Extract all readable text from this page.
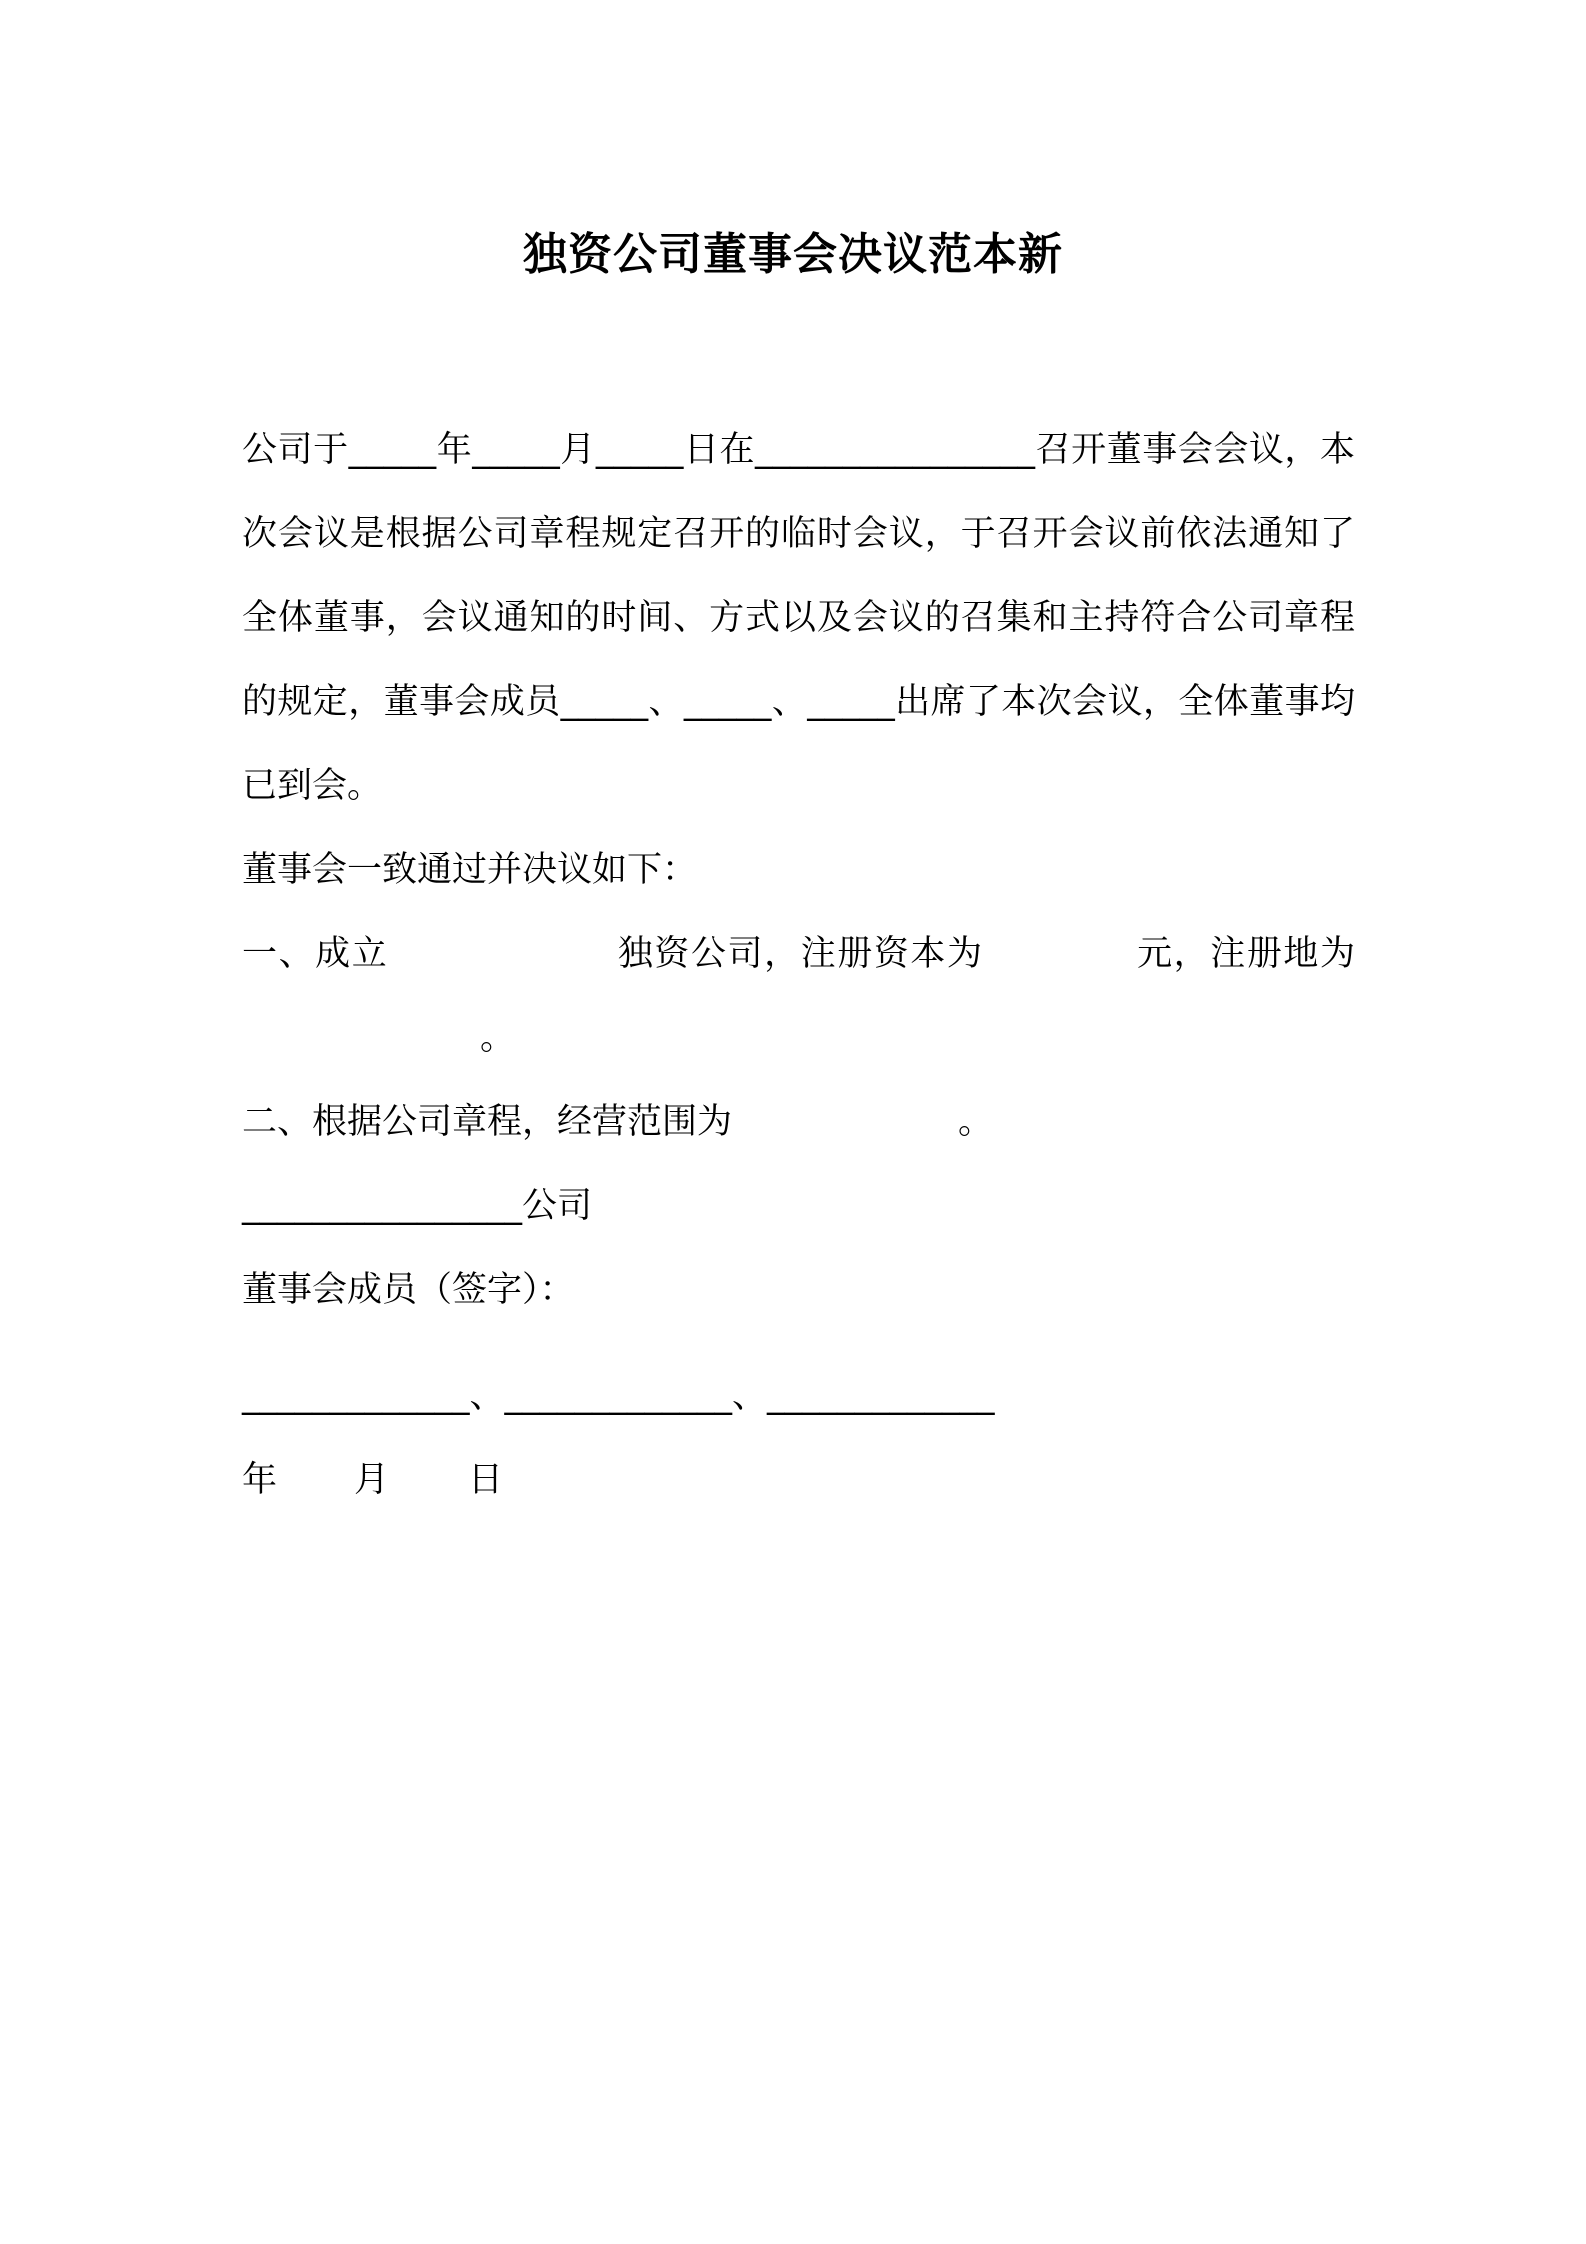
独资公司董事会决议范本新

公司于_____年_____月_____日在________________召开董事会会议，本次会议是根据公司章程规定召开的临时会议，于召开会议前依法通知了全体董事，会议通知的时间、方式以及会议的召集和主持符合公司章程的规定，董事会成员_____、_____、_____出席了本次会议，全体董事均已到会。

董事会一致通过并决议如下：

一、成立	独资公司，注册资本为	元，注册地为。

二、根据公司章程，经营范围为	。

________________公司

董事会成员（签字）：

_____________、_____________、_____________

年 月 日
